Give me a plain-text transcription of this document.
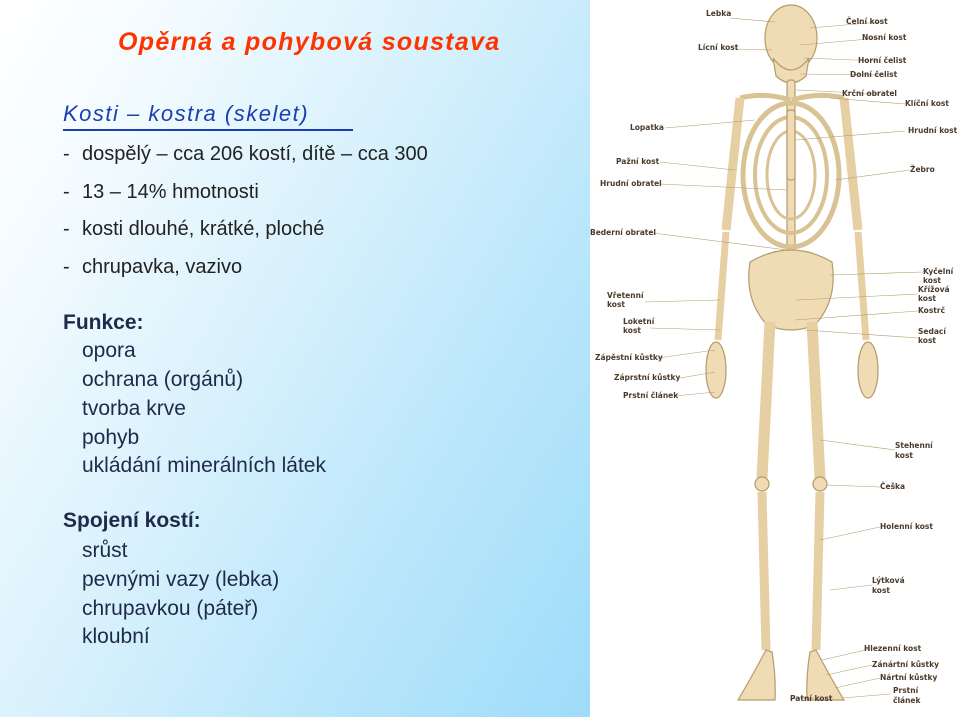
Opěrná a pohybová soustava
Kosti – kostra (skelet)
- dospělý – cca 206 kostí, dítě – cca 300
- 13 – 14% hmotnosti
- kosti dlouhé, krátké, ploché
- chrupavka, vazivo
Funkce:
opora
ochrana (orgánů)
tvorba krve
pohyb
ukládání minerálních látek
Spojení kostí:
srůst
pevnými vazy (lebka)
chrupavkou (páteř)
kloubní
Lebka
Čelní kost
Lícní kost
Nosní kost
Horní čelist
Dolní čelist
Krční obratel
Klíční kost
Hrudní kost
Lopatka
Pažní kost
Hrudní obratel
Žebro
Bederní obratel
Kyčelní
kost
Křížová
kost
Vřetenní
kost
Kostrč
Loketní
kost	Sedací
kost
Zápěstní kůstky
Záprstní kůstky
Prstní článek
Stehenní
kost
Češka
Holenní kost
Lýtková
kost
Hlezenní kost
Zánártní kůstky
Nártní kůstky
Patní kost
Prstní
článek
